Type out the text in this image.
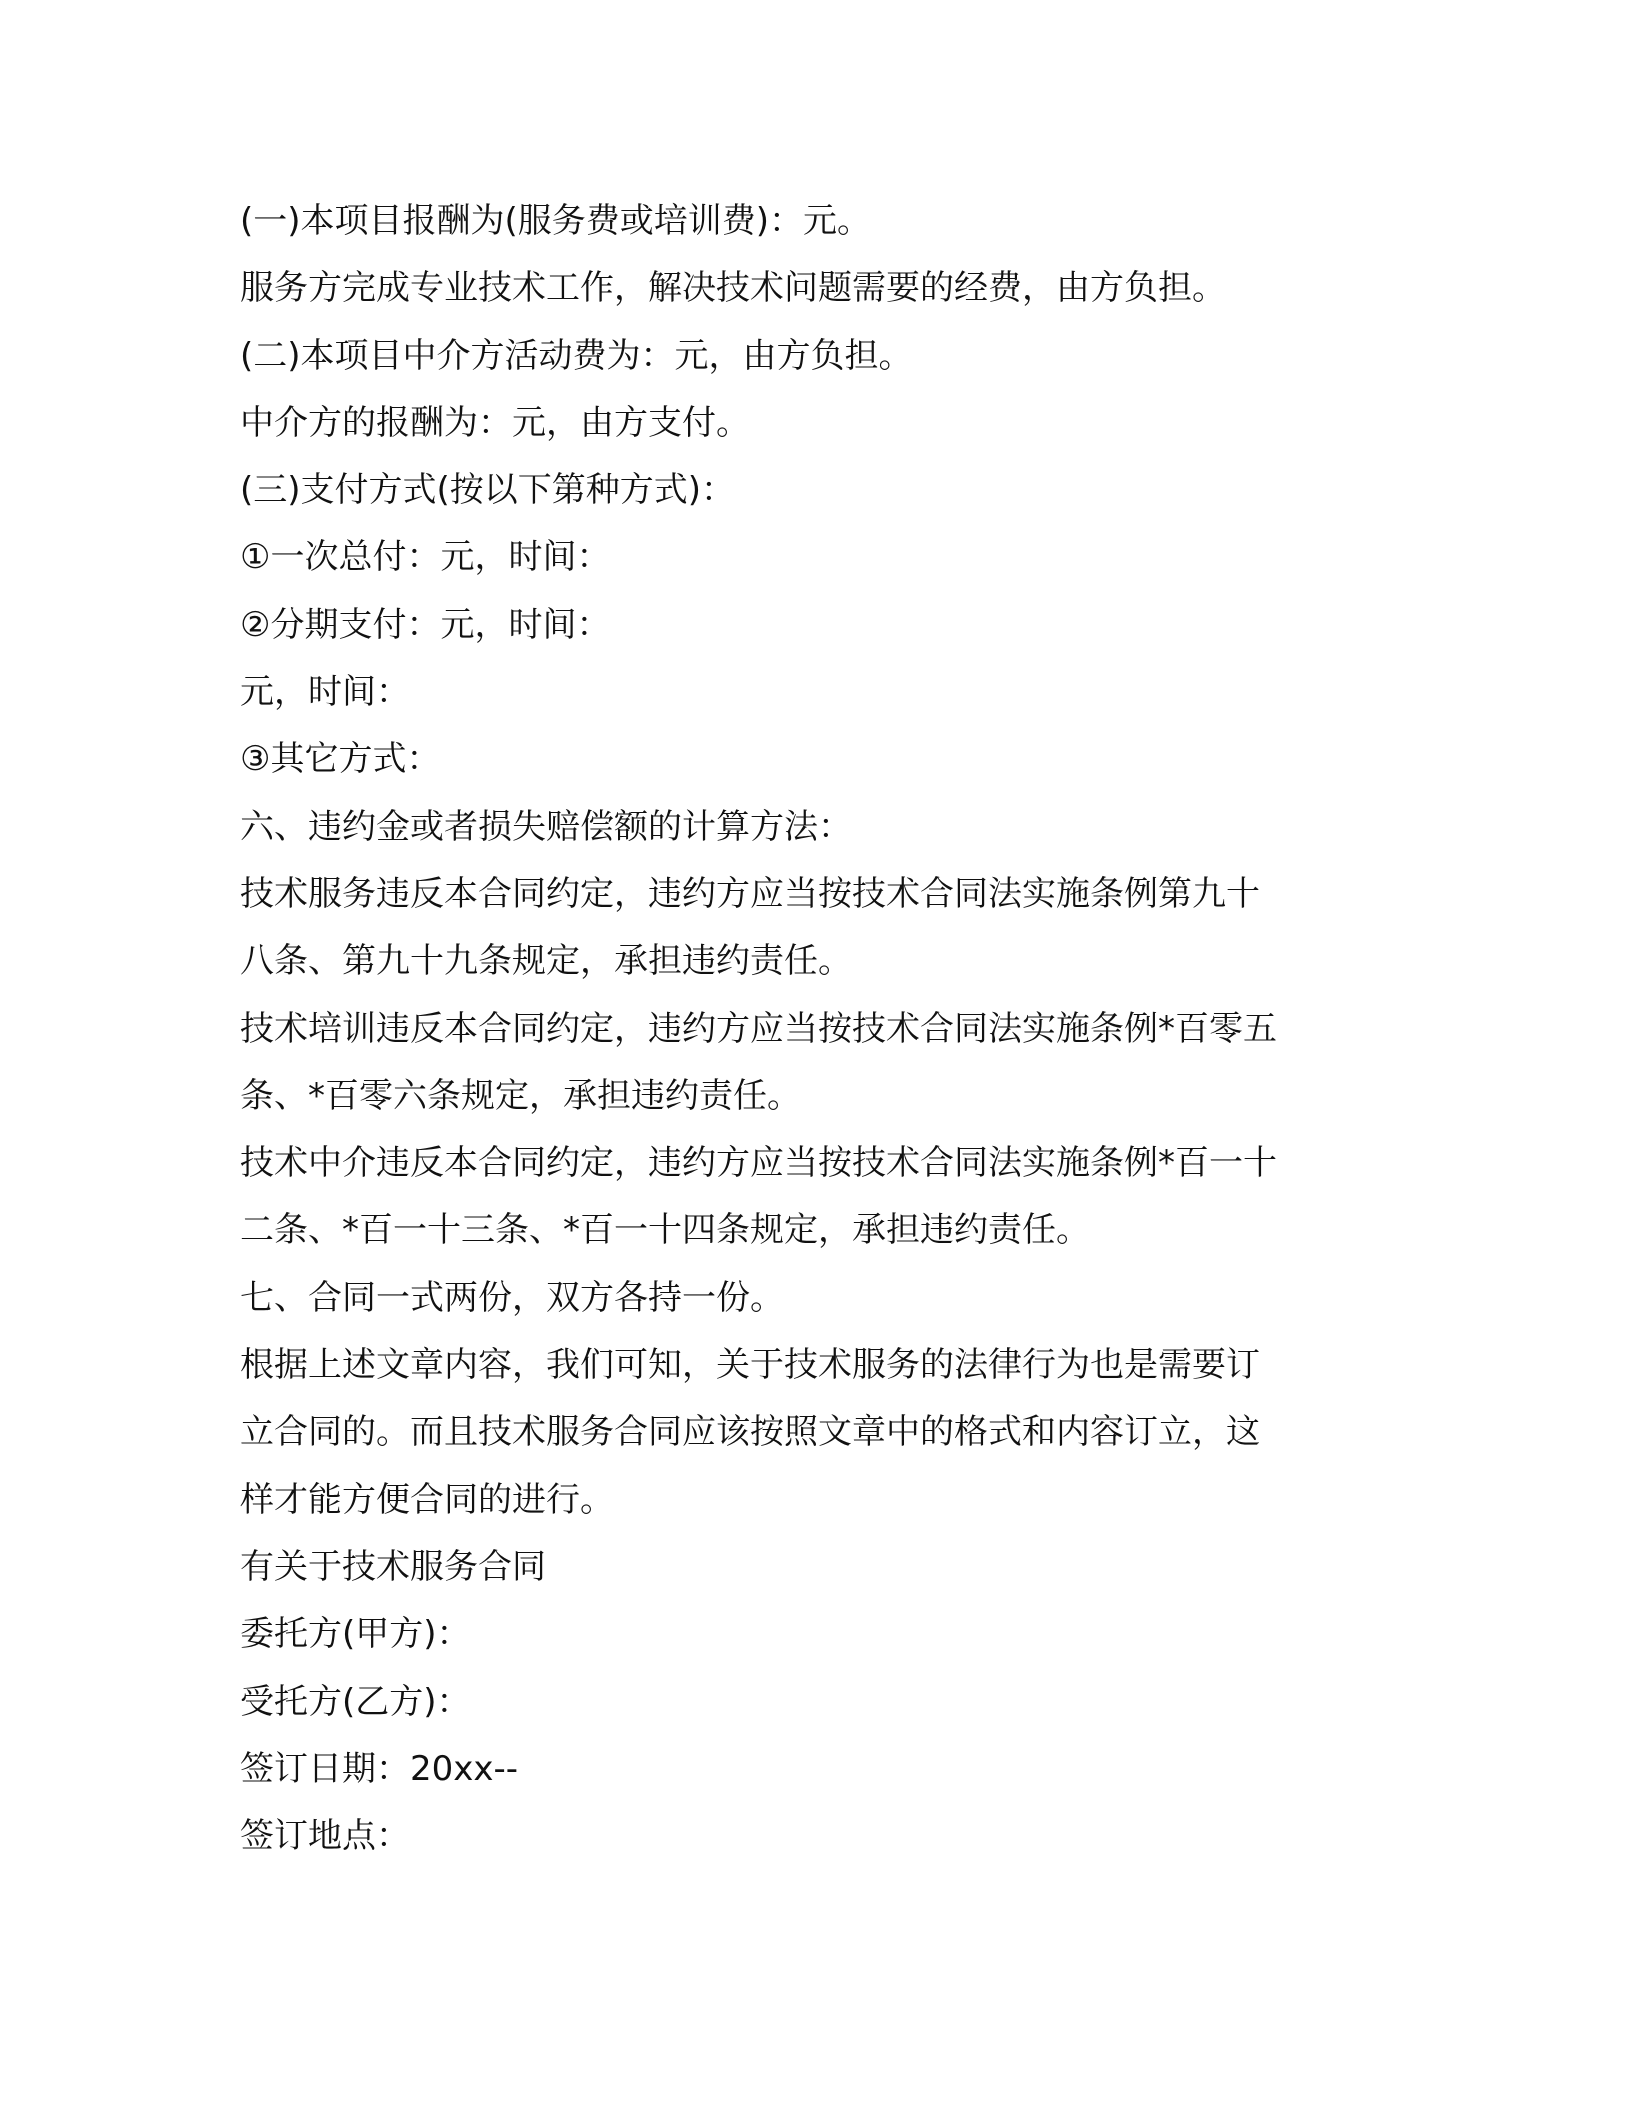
(一)本项目报酬为(服务费或培训费)：元。
服务方完成专业技术工作，解决技术问题需要的经费，由方负担。
(二)本项目中介方活动费为：元，由方负担。
中介方的报酬为：元，由方支付。
(三)支付方式(按以下第种方式)：
①一次总付：元，时间：
②分期支付：元，时间：
元，时间：
③其它方式：
六、违约金或者损失赔偿额的计算方法：
技术服务违反本合同约定，违约方应当按技术合同法实施条例第九十
八条、第九十九条规定，承担违约责任。
技术培训违反本合同约定，违约方应当按技术合同法实施条例*百零五
条、*百零六条规定，承担违约责任。
技术中介违反本合同约定，违约方应当按技术合同法实施条例*百一十
二条、*百一十三条、*百一十四条规定，承担违约责任。
七、合同一式两份，双方各持一份。
根据上述文章内容，我们可知，关于技术服务的法律行为也是需要订
立合同的。而且技术服务合同应该按照文章中的格式和内容订立，这
样才能方便合同的进行。
有关于技术服务合同
委托方(甲方)：
受托方(乙方)：
签订日期：20xx--
签订地点：
